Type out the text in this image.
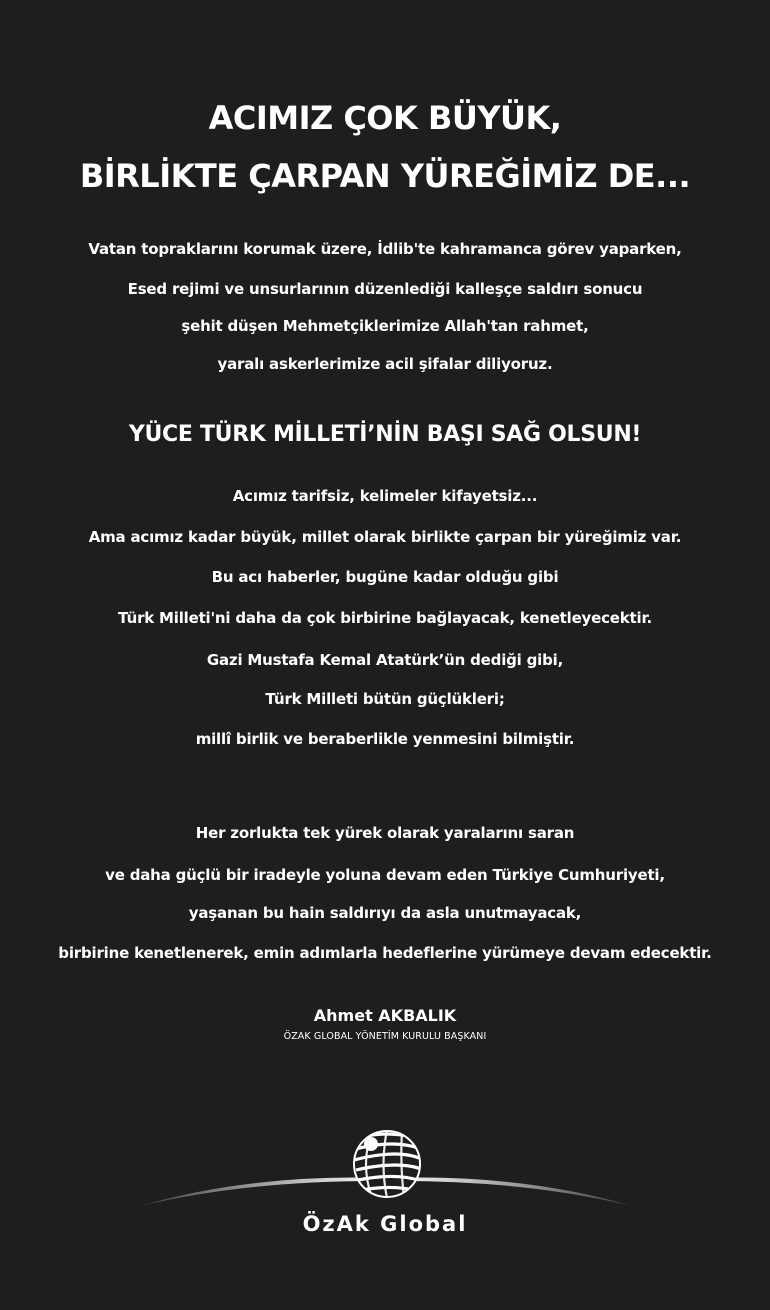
ACIMIZ ÇOK BÜYÜK,
BİRLİKTE ÇARPAN YÜREĞİMİZ DE...
Vatan topraklarını korumak üzere, İdlib'te kahramanca görev yaparken,
Esed rejimi ve unsurlarının düzenlediği kalleşçe saldırı sonucu
şehit düşen Mehmetçiklerimize Allah'tan rahmet,
yaralı askerlerimize acil şifalar diliyoruz.
YÜCE TÜRK MİLLETİ’NİN BAŞI SAĞ OLSUN!
Acımız tarifsiz, kelimeler kifayetsiz...
Ama acımız kadar büyük, millet olarak birlikte çarpan bir yüreğimiz var.
Bu acı haberler, bugüne kadar olduğu gibi
Türk Milleti'ni daha da çok birbirine bağlayacak, kenetleyecektir.
Gazi Mustafa Kemal Atatürk’ün dediği gibi,
Türk Milleti bütün güçlükleri;
millî birlik ve beraberlikle yenmesini bilmiştir.
Her zorlukta tek yürek olarak yaralarını saran
ve daha güçlü bir iradeyle yoluna devam eden Türkiye Cumhuriyeti,
yaşanan bu hain saldırıyı da asla unutmayacak,
birbirine kenetlenerek, emin adımlarla hedeflerine yürümeye devam edecektir.
Ahmet AKBALIK
ÖZAK GLOBAL YÖNETİM KURULU BAŞKANI
ÖzAk Global
